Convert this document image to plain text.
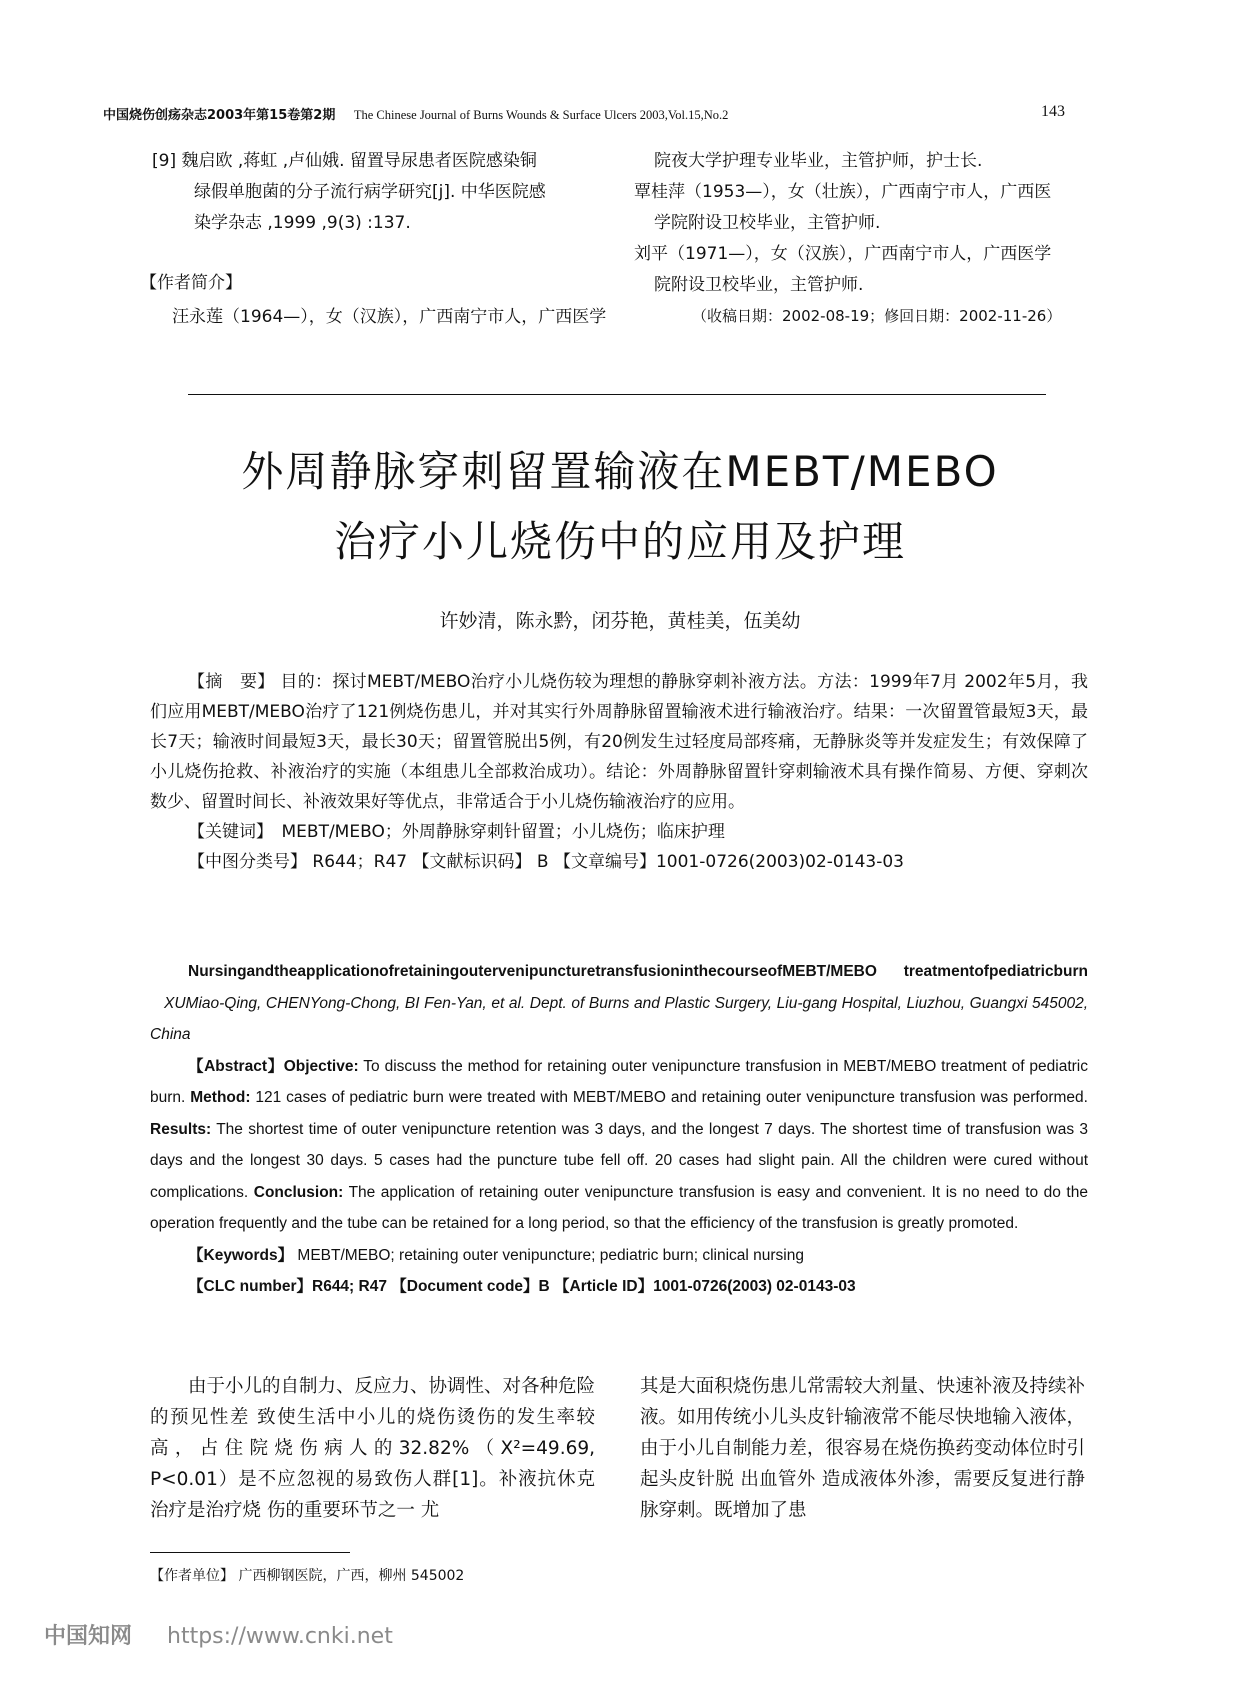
中国烧伤创疡杂志2003年第15卷第2期 The Chinese Journal of Burns Wounds & Surface Ulcers 2003,Vol.15,No.2	143
[9] 魏启欧 ,蒋虹 ,卢仙娥. 留置导尿患者医院感染铜
绿假单胞菌的分子流行病学研究[j]. 中华医院感
染学杂志 ,1999 ,9(3) :137.
【作者简介】
汪永莲（1964—），女（汉族），广西南宁市人，广西医学
院夜大学护理专业毕业，主管护师，护士长.
覃桂萍（1953—），女（壮族），广西南宁市人，广西医
学院附设卫校毕业，主管护师.
刘平（1971—），女（汉族），广西南宁市人，广西医学
院附设卫校毕业，主管护师.
（收稿日期：2002-08-19；修回日期：2002-11-26）
外周静脉穿刺留置输液在MEBT/MEBO
治疗小儿烧伤中的应用及护理
许妙清，陈永黔，闭芬艳，黄桂美，伍美幼

【摘　要】 目的：探讨MEBT/MEBO治疗小儿烧伤较为理想的静脉穿刺补液方法。方法：1999年7月 2002年5月，我们应用MEBT/MEBO治疗了121例烧伤患儿，并对其实行外周静脉留置输液术进行输液治疗。结果：一次留置管最短3天，最长7天；输液时间最短3天，最长30天；留置管脱出5例，有20例发生过轻度局部疼痛，无静脉炎等并发症发生；有效保障了小儿烧伤抢救、补液治疗的实施（本组患儿全部救治成功）。结论：外周静脉留置针穿刺输液术具有操作简易、方便、穿刺次数少、留置时间长、补液效果好等优点，非常适合于小儿烧伤输液治疗的应用。

【关键词】　MEBT/MEBO；外周静脉穿刺针留置；小儿烧伤；临床护理

【中图分类号】 R644；R47 【文献标识码】 B 【文章编号】1001-0726(2003)02-0143-03

NursingandtheapplicationofretainingoutervenipuncturetransfusioninthecourseofMEBT/MEBO treatmentofpediatricburn XUMiao-Qing, CHENYong-Chong, BI Fen-Yan, et al. Dept. of Burns and Plastic Surgery, Liu-gang Hospital, Liuzhou, Guangxi 545002, China

【Abstract】Objective: To discuss the method for retaining outer venipuncture transfusion in MEBT/MEBO treatment of pediatric burn. Method: 121 cases of pediatric burn were treated with MEBT/MEBO and retaining outer venipuncture transfusion was performed. Results: The shortest time of outer venipuncture retention was 3 days, and the longest 7 days. The shortest time of transfusion was 3 days and the longest 30 days. 5 cases had the puncture tube fell off. 20 cases had slight pain. All the children were cured without complications. Conclusion: The application of retaining outer venipuncture transfusion is easy and convenient. It is no need to do the operation frequently and the tube can be retained for a long period, so that the efficiency of the transfusion is greatly promoted.

【Keywords】 MEBT/MEBO; retaining outer venipuncture; pediatric burn; clinical nursing

【CLC number】R644; R47 【Document code】B 【Article ID】1001-0726(2003) 02-0143-03

由于小儿的自制力、反应力、协调性、对各种危险的预见性差 致使生活中小儿的烧伤烫伤的发生率较高，占住院烧伤病人的32.82%（X²=49.69, P<0.01）是不应忽视的易致伤人群[1]。补液抗休克治疗是治疗烧 伤的重要环节之一 尤
其是大面积烧伤患儿常需较大剂量、快速补液及持续补液。如用传统小儿头皮针输液常不能尽快地输入液体，由于小儿自制能力差，很容易在烧伤换药变动体位时引起头皮针脱 出血管外 造成液体外渗，需要反复进行静脉穿刺。既增加了患
【作者单位】 广西柳钢医院，广西，柳州 545002
中国知网 https://www.cnki.net
